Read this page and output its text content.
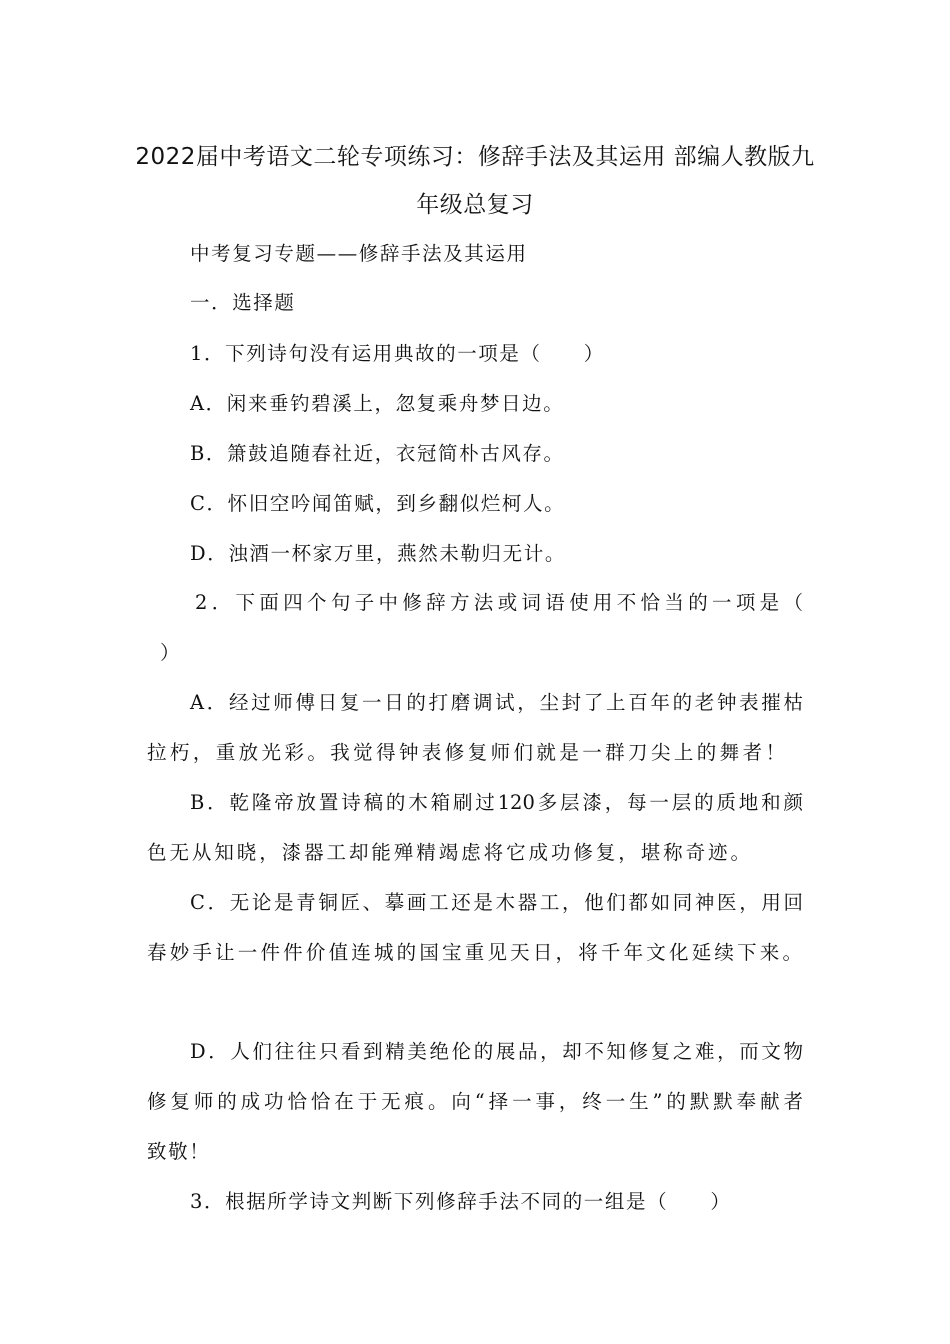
2022届中考语文二轮专项练习：修辞手法及其运用 部编人教版九
年级总复习
中考复习专题——修辞手法及其运用
一．选择题
1．下列诗句没有运用典故的一项是（　　）
A．闲来垂钓碧溪上，忽复乘舟梦日边。
B．箫鼓追随春社近，衣冠简朴古风存。
C．怀旧空吟闻笛赋，到乡翻似烂柯人。
D．浊酒一杯家万里，燕然未勒归无计。
2．下面四个句子中修辞方法或词语使用不恰当的一项是（
）
A．经过师傅日复一日的打磨调试，尘封了上百年的老钟表摧枯
拉朽，重放光彩。我觉得钟表修复师们就是一群刀尖上的舞者！
B．乾隆帝放置诗稿的木箱刷过120多层漆，每一层的质地和颜
色无从知晓，漆器工却能殚精竭虑将它成功修复，堪称奇迹。
C．无论是青铜匠、摹画工还是木器工，他们都如同神医，用回
春妙手让一件件价值连城的国宝重见天日，将千年文化延续下来。
D．人们往往只看到精美绝伦的展品，却不知修复之难，而文物
修复师的成功恰恰在于无痕。向“择一事，终一生”的默默奉献者
致敬！
3．根据所学诗文判断下列修辞手法不同的一组是（　　）
